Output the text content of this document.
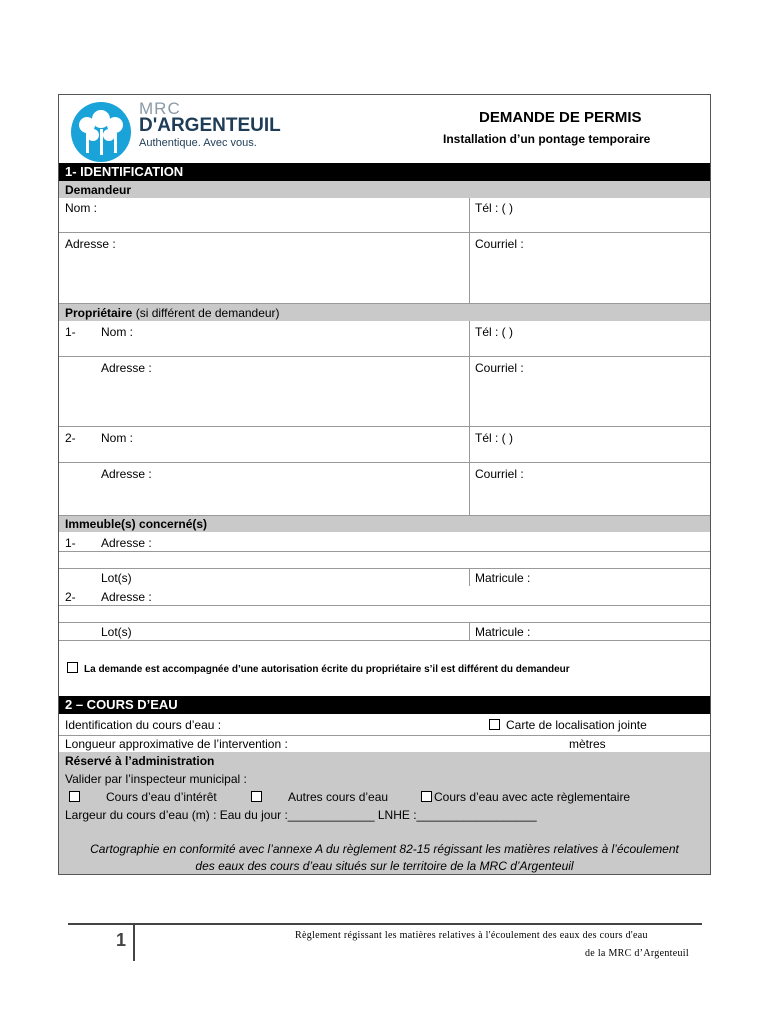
MRC
D'ARGENTEUIL
Authentique. Avec vous.
DEMANDE DE PERMIS
Installation d’un pontage temporaire
1- IDENTIFICATION
Demandeur
Nom :	Tél : ( )
Adresse :	Courriel :
Propriétaire (si différent de demandeur)
1- Nom :	Tél : ( )
Adresse :	Courriel :
2- Nom :	Tél : ( )
Adresse :	Courriel :
Immeuble(s) concerné(s)
1- Adresse :
Lot(s)	Matricule :
2- Adresse :
Lot(s)	Matricule :
La demande est accompagnée d’une autorisation écrite du propriétaire s’il est différent du demandeur
2 – COURS D’EAU
Identification du cours d’eau :	Carte de localisation jointe
Longueur approximative de l’intervention :	mètres
Réservé à l’administration
Valider par l’inspecteur municipal :
Cours d’eau d’intérêt	Autres cours d’eau	Cours d’eau avec acte règlementaire
Largeur du cours d’eau (m) : Eau du jour :_____________ LNHE :__________________
Cartographie en conformité avec l’annexe A du règlement 82-15 régissant les matières relatives à l’écoulement
des eaux des cours d’eau situés sur le territoire de la MRC d’Argenteuil
1	Règlement régissant les matières relatives à l'écoulement des eaux des cours d'eau
de la MRC d’Argenteuil
